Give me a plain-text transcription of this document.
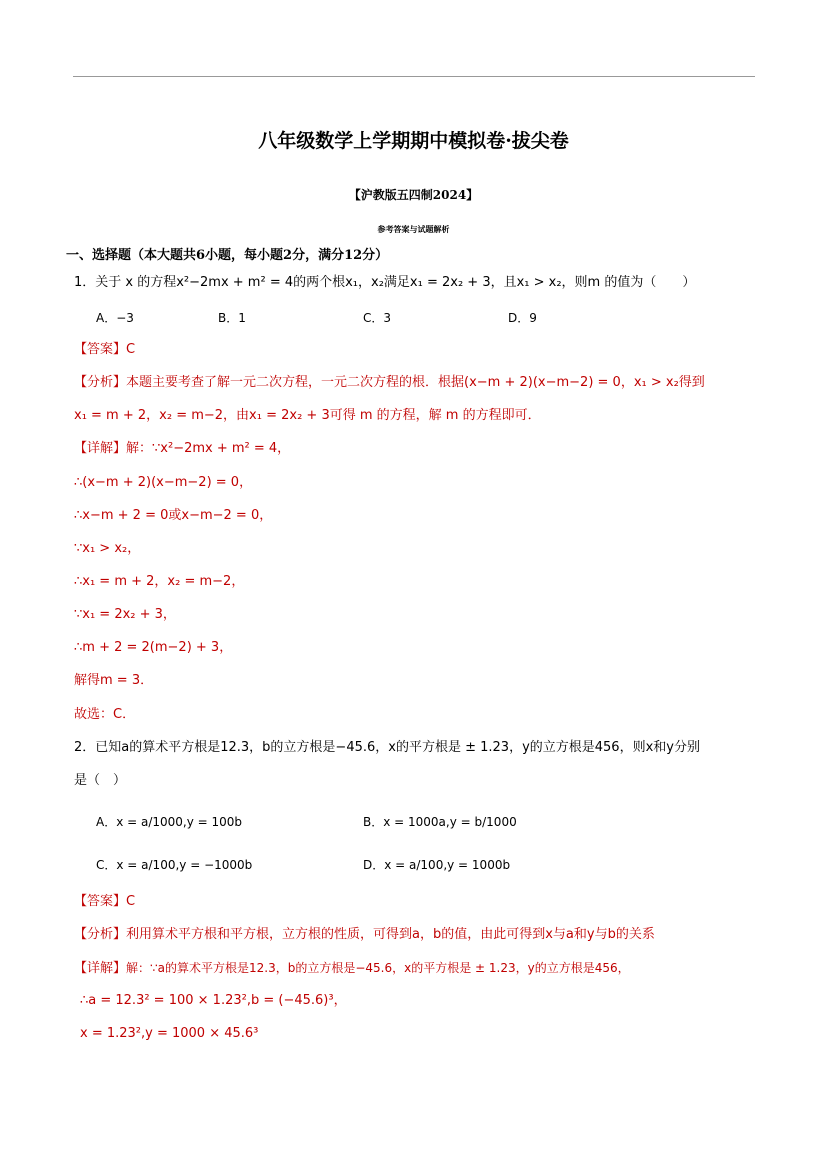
八年级数学上学期期中模拟卷·拔尖卷
【沪教版五四制2024】
参考答案与试题解析
一、选择题（本大题共6小题，每小题2分，满分12分）
1．关于 x 的方程x²−2mx + m² = 4的两个根x₁，x₂满足x₁ = 2x₂ + 3，且x₁ > x₂，则m 的值为（　　）
A．−3	B．1	C．3	D．9
【答案】C
【分析】本题主要考查了解一元二次方程，一元二次方程的根．根据(x−m + 2)(x−m−2) = 0，x₁ > x₂得到
x₁ = m + 2，x₂ = m−2，由x₁ = 2x₂ + 3可得 m 的方程，解 m 的方程即可．
【详解】解：∵x²−2mx + m² = 4，
∴(x−m + 2)(x−m−2) = 0，
∴x−m + 2 = 0或x−m−2 = 0，
∵x₁ > x₂，
∴x₁ = m + 2，x₂ = m−2，
∵x₁ = 2x₂ + 3，
∴m + 2 = 2(m−2) + 3，
解得m = 3．
故选：C．
2．已知a的算术平方根是12.3，b的立方根是−45.6，x的平方根是 ± 1.23，y的立方根是456，则x和y分别
是（　）
A．x = a/1000,y = 100b	B．x = 1000a,y = b/1000
C．x = a/100,y = −1000b	D．x = a/100,y = 1000b
【答案】C
【分析】利用算术平方根和平方根，立方根的性质，可得到a，b的值，由此可得到x与a和y与b的关系
【详解】解：∵a的算术平方根是12.3，b的立方根是−45.6，x的平方根是 ± 1.23，y的立方根是456，
∴a = 12.3² = 100 × 1.23²,b = (−45.6)³，
x = 1.23²,y = 1000 × 45.6³
